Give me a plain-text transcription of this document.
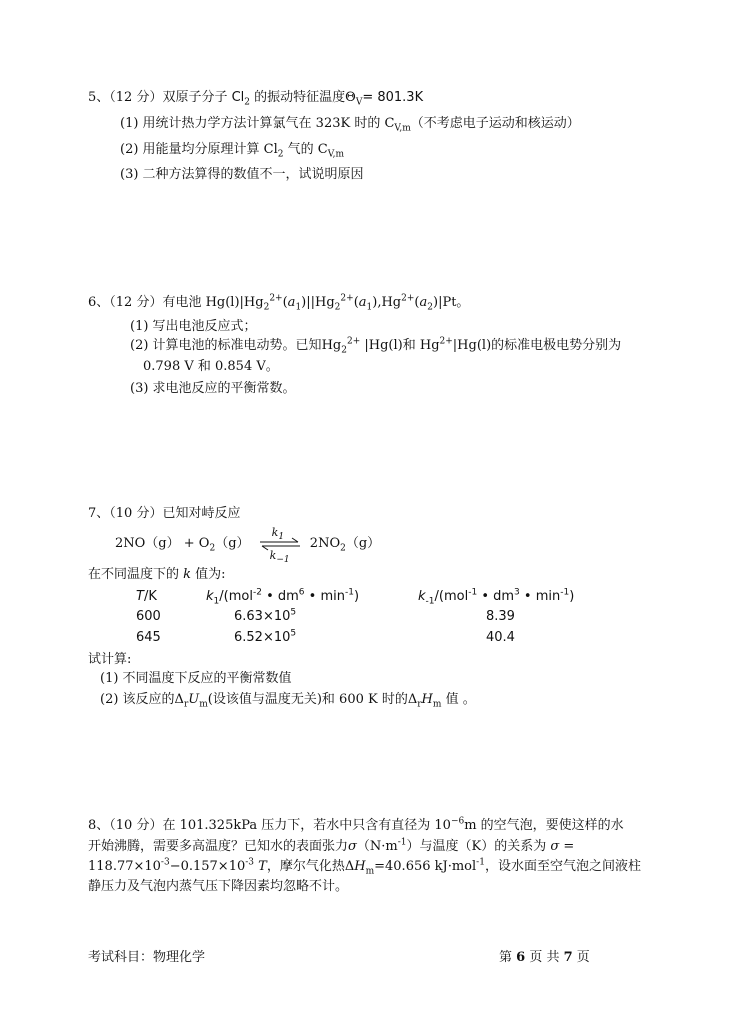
5、（12 分）双原子分子 $Cl_2$ 的振动特征温度$\Theta_V= 801.3K$
(1) 用统计热力学方法计算氯气在 323K 时的 $C_{V,m}$（不考虑电子运动和核运动）
(2) 用能量均分原理计算 $Cl_2$ 气的 $C_{V,m}$
(3) 二种方法算得的数值不一，试说明原因
6、（12 分）有电池 $Hg(l)|Hg_2^{2+}(a_1)||Hg_2^{2+}(a_1),Hg^{2+}(a_2)|Pt$。
(1) 写出电池反应式；
(2) 计算电池的标准电动势。已知$Hg_2^{2+}$ |Hg(l)和 $Hg^{2+}|Hg(l)$的标准电极电势分别为
0.798 V 和 0.854 V。
(3) 求电池反应的平衡常数。
7、（10 分）已知对峙反应
$2NO(g) + O_2(g)$
$k_1$
$k_{-1}$
$2NO_2(g)$
在不同温度下的 k 值为:
T/K	$k_1/(mol^{-2}$ • $dm^6$ • $\min^{-1}$)	$k_{-1}/(mol^{-1}$ • $dm^3$ • $\min^{-1}$)
600	$6.63\times 10^5$	8.39
645	$6.52\times 10^5$	40.4
试计算:
(1) 不同温度下反应的平衡常数值
(2) 该反应的$\Delta_rU_m$(设该值与温度无关)和 600 K 时的$\Delta_rH_m$ 值 。
8、（10 分）在 101.325kPa 压力下，若水中只含有直径为 $10^{-6}m$ 的空气泡，要使这样的水
开始沸腾，需要多高温度？已知水的表面张力$\sigma(N\cdot m^{-1})$与温度（K）的关系为 σ =
$118.77\times 10^{-3}-0.157\times 10^{-3}$ T，摩尔气化热$\Delta H_m=40.656$ kJ·mol$^{-1}$，设水面至空气泡之间液柱
静压力及气泡内蒸气压下降因素均忽略不计。
考试科目：物理化学	第 6 页 共 7 页
